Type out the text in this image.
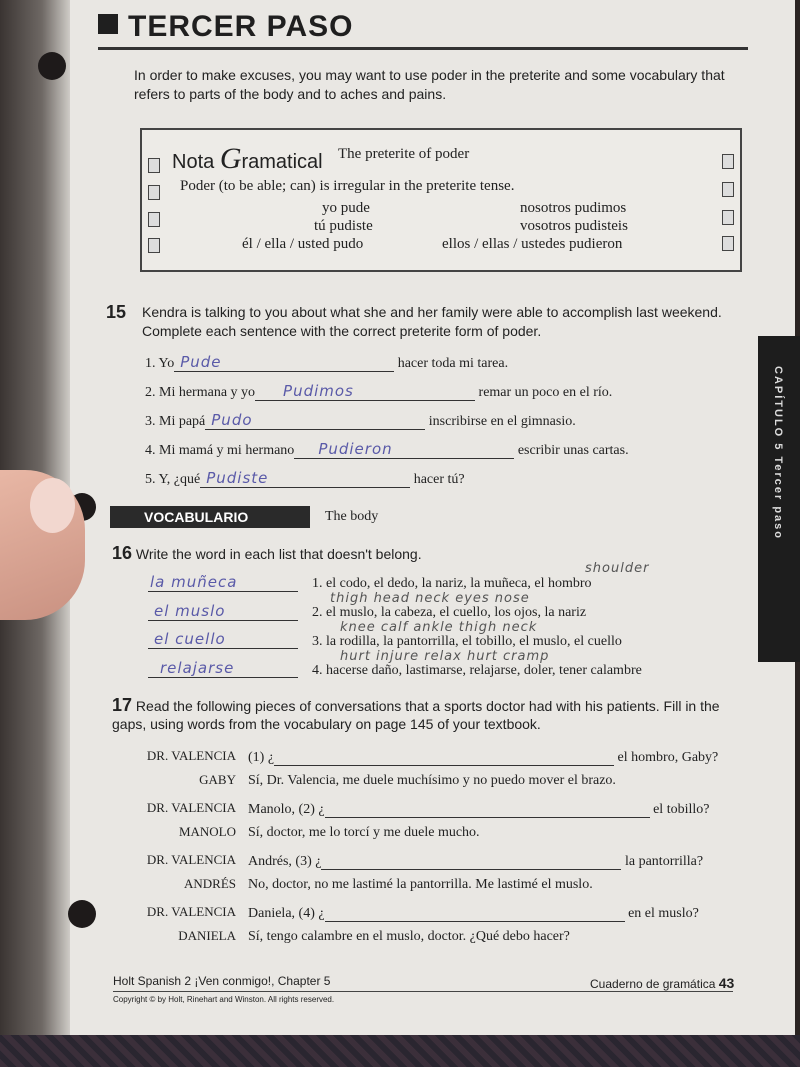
TERCER PASO
In order to make excuses, you may want to use poder in the preterite and some vocabulary that refers to parts of the body and to aches and pains.
Nota Gramatical The preterite of poder
Poder (to be able; can) is irregular in the preterite tense.
yo pude	nosotros pudimos
tú pudiste	vosotros pudisteis
él / ella / usted pudo	ellos / ellas / ustedes pudieron
15 Kendra is talking to you about what she and her family were able to accomplish last weekend. Complete each sentence with the correct preterite form of poder.
1. Yo Pude	hacer toda mi tarea.
2. Mi hermana y yo Pudimos	remar un poco en el río.
3. Mi papá Pudo	inscribirse en el gimnasio.
4. Mi mamá y mi hermano Pudieron	escribir unas cartas.
5. Y, ¿qué Pudiste	hacer tú?
VOCABULARIO	The body
16 Write the word in each list that doesn't belong.
shoulder
la muñeca	1. el codo, el dedo, la nariz, la muñeca, el hombro
thigh head neck eyes nose
el muslo	2. el muslo, la cabeza, el cuello, los ojos, la nariz
knee calf ankle thigh neck
el cuello	3. la rodilla, la pantorrilla, el tobillo, el muslo, el cuello
hurt injure relax hurt cramp
relajarse	4. hacerse daño, lastimarse, relajarse, doler, tener calambre
17 Read the following pieces of conversations that a sports doctor had with his patients. Fill in the gaps, using words from the vocabulary on page 145 of your textbook.
DR. VALENCIA (1) ¿	el hombro, Gaby?
GABY Sí, Dr. Valencia, me duele muchísimo y no puedo mover el brazo.
DR. VALENCIA Manolo, (2) ¿	el tobillo?
MANOLO Sí, doctor, me lo torcí y me duele mucho.
DR. VALENCIA Andrés, (3) ¿	la pantorrilla?
ANDRÉS No, doctor, no me lastimé la pantorrilla. Me lastimé el muslo.
DR. VALENCIA Daniela, (4) ¿	en el muslo?
DANIELA Sí, tengo calambre en el muslo, doctor. ¿Qué debo hacer?
CAPÍTULO 5 Tercer paso
Holt Spanish 2 ¡Ven conmigo!, Chapter 5	Cuaderno de gramática 43
Copyright © by Holt, Rinehart and Winston. All rights reserved.
